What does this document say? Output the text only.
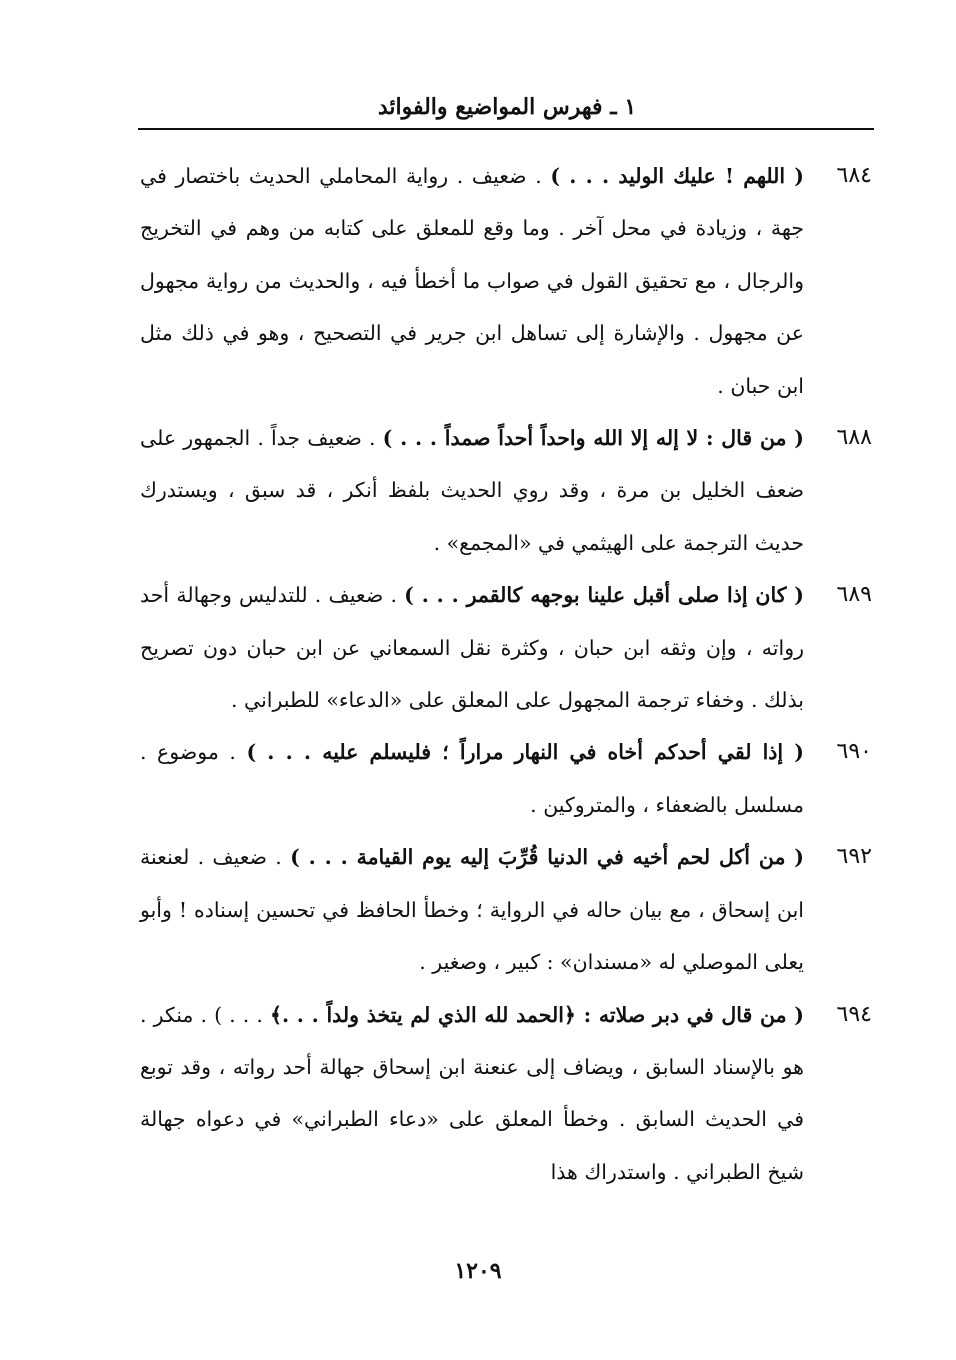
١ ـ فهرس المواضيع والفوائد
٦٨٤
( اللهم ! عليك الوليد . . . ) . ضعيف . رواية المحاملي الحديث باختصار في جهة ، وزيادة في محل آخر . وما وقع للمعلق على كتابه من وهم في التخريج والرجال ، مع تحقيق القول في صواب ما أخطأ فيه ، والحديث من رواية مجهول عن مجهول . والإشارة إلى تساهل ابن جرير في التصحيح ، وهو في ذلك مثل ابن حبان .
٦٨٨
( من قال : لا إله إلا الله واحداً أحداً صمداً . . . ) . ضعيف جداً . الجمهور على ضعف الخليل بن مرة ، وقد روي الحديث بلفظ أنكر ، قد سبق ، ويستدرك حديث الترجمة على الهيثمي في «المجمع» .
٦٨٩
( كان إذا صلى أقبل علينا بوجهه كالقمر . . . ) . ضعيف . للتدليس وجهالة أحد رواته ، وإن وثقه ابن حبان ، وكثرة نقل السمعاني عن ابن حبان دون تصريح بذلك . وخفاء ترجمة المجهول على المعلق على «الدعاء» للطبراني .
٦٩٠
( إذا لقي أحدكم أخاه في النهار مراراً ؛ فليسلم عليه . . . ) . موضوع . مسلسل بالضعفاء ، والمتروكين .
٦٩٢
( من أكل لحم أخيه في الدنيا قُرِّبَ إليه يوم القيامة . . . ) . ضعيف . لعنعنة ابن إسحاق ، مع بيان حاله في الرواية ؛ وخطأ الحافظ في تحسين إسناده ! وأبو يعلى الموصلي له «مسندان» : كبير ، وصغير .
٦٩٤
( من قال في دبر صلاته : ﴿الحمد لله الذي لم يتخذ ولداً . . .﴾ . . . ) . منكر . هو بالإسناد السابق ، ويضاف إلى عنعنة ابن إسحاق جهالة أحد رواته ، وقد توبع في الحديث السابق . وخطأ المعلق على «دعاء الطبراني» في دعواه جهالة شيخ الطبراني . واستدراك هذا
١٢٠٩
